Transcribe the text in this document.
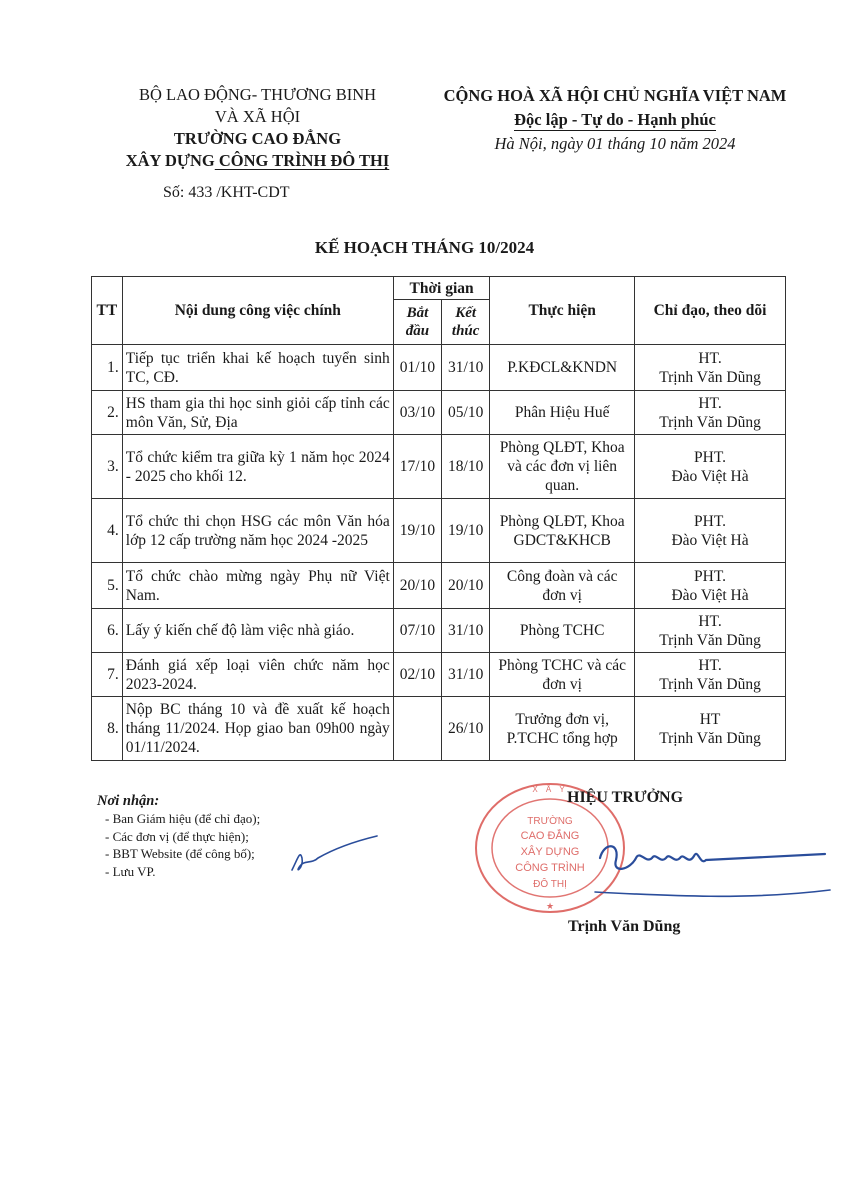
BỘ LAO ĐỘNG- THƯƠNG BINH
VÀ XÃ HỘI
TRƯỜNG CAO ĐẲNG
XÂY DỰNG CÔNG TRÌNH ĐÔ THỊ
Số: 433 /KHT-CDT
CỘNG HOÀ XÃ HỘI CHỦ NGHĨA VIỆT NAM
Độc lập - Tự do - Hạnh phúc
Hà Nội, ngày 01 tháng 10 năm 2024
KẾ HOẠCH THÁNG 10/2024
TT	Nội dung công việc chính	Thời gian		Thực hiện	Chỉ đạo, theo dõi
		Bắt đầu	Kết thúc		
1.	Tiếp tục triển khai kế hoạch tuyển sinh TC, CĐ.	01/10	31/10	P.KĐCL&KNDN	HT.
Trịnh Văn Dũng

2.	HS tham gia thi học sinh giỏi cấp tỉnh các môn Văn, Sử, Địa	03/10	05/10	Phân Hiệu Huế	HT.
Trịnh Văn Dũng

3.	Tổ chức kiểm tra giữa kỳ 1 năm học 2024 - 2025 cho khối 12.	17/10	18/10	Phòng QLĐT, Khoa và các đơn vị liên quan.	PHT.
Đào Việt Hà

4.	Tổ chức thi chọn HSG các môn Văn hóa lớp 12 cấp trường năm học 2024 -2025	19/10	19/10	Phòng QLĐT, Khoa GDCT&KHCB	PHT.
Đào Việt Hà

5.	Tổ chức chào mừng ngày Phụ nữ Việt Nam.	20/10	20/10	Công đoàn và các đơn vị	PHT.
Đào Việt Hà

6.	Lấy ý kiến chế độ làm việc nhà giáo.	07/10	31/10	Phòng TCHC	HT.
Trịnh Văn Dũng

7.	Đánh giá xếp loại viên chức năm học 2023-2024.	02/10	31/10	Phòng TCHC và các đơn vị	HT.
Trịnh Văn Dũng

8.	Nộp BC tháng 10 và đề xuất kế hoạch tháng 11/2024. Họp giao ban 09h00 ngày 01/11/2024.		26/10	Trưởng đơn vị, P.TCHC tổng hợp	HT
Trịnh Văn Dũng
Nơi nhận:
- Ban Giám hiệu (để chỉ đạo);
- Các đơn vị (để thực hiện);
- BBT Website (để công bố);
- Lưu VP.
X Â Y
TRƯỜNG
CAO ĐẲNG
XÂY DỰNG
CÔNG TRÌNH
ĐÔ THỊ
★
HIỆU TRƯỞNG
Trịnh Văn Dũng
